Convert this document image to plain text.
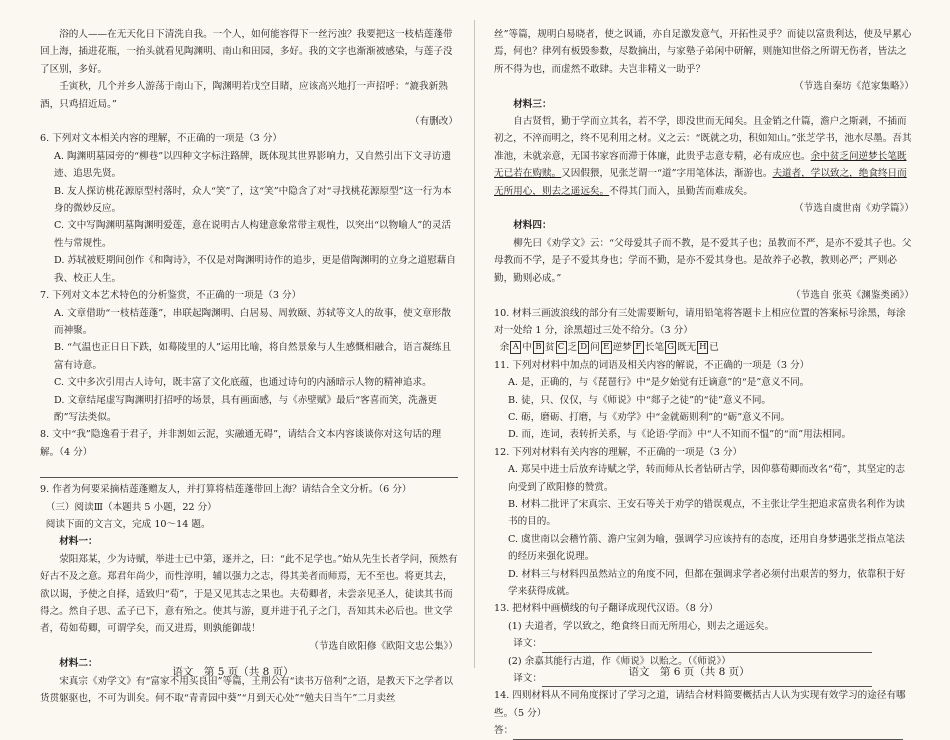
浴的人——在无天化日下清洗自我。一个人，如何能容得下一丝污浊？我要把这一枝桔莲蓬带回上海，插进花瓶，一抬头就看见陶渊明、南山和田园，多好。我的文字也渐渐被感染，与莲子没了区别，多好。

壬寅秋，几个并乡人游荡于南山下，陶渊明若戊空目睹，应该高兴地打一声招呼：“漉我新熟酒，只鸡招近局。”

（有删改）

6. 下列对文本相关内容的理解，不正确的一项是（3 分）

A. 陶渊明墓园旁的“柳巷”以四种文字标注路牌，既体现其世界影响力，又自然引出下文寻访遗迹、追思先贤。

B. 友人探访桃花源原型村落时，众人“笑”了，这“笑”中隐含了对“寻找桃花源原型”这一行为本身的微妙反应。

C. 文中写陶渊明墓陶渊明爱莲，意在说明古人构建意象常带主观性，以突出“以物喻人”的灵活性与常规性。

D. 苏轼被贬期间创作《和陶诗》，不仅是对陶渊明诗作的追步，更是借陶渊明的立身之道慰藉自我、校正人生。

7. 下列对文本艺术特色的分析鉴赏，不正确的一项是（3 分）

A. 文章借助“一枝桔莲蓬”，串联起陶渊明、白居易、周敦颐、苏轼等文人的故事，使文章形散而神聚。

B. “气温也正日日下跌，如蓦陵里的人”运用比喻，将自然景象与人生感慨相融合，语言凝练且富有诗意。

C. 文中多次引用古人诗句，既丰富了文化底蕴，也通过诗句的内涵暗示人物的精神追求。

D. 文章结尾虚写陶渊明打招呼的场景，具有画面感，与《赤壁赋》最后“客喜而笑，洗盏更酌”写法类似。

8. 文中“我”隐逸看于君子，并非割如云泥，实融通无碍”，请结合文本内容谈谈你对这句话的理解。（4 分）

9. 作者为何要采摘桔莲蓬赠友人，并打算将桔莲蓬带回上海？请结合全文分析。（6 分）

（三）阅读Ⅲ（本题共 5 小题，22 分）

阅读下面的文言文，完成 10～14 题。

材料一：

荥阳郑某，少为诗赋，举进士已中第，逐并之，曰：“此不足学也。”始从先生长者学问，预然有好古不及之意。郑君年尚少，而性淳明，辅以强力之志，得其美者而师焉，无不至也。将更其去，欲以谒，予使之自择，适致归“荀”，于是又见其志之果也。夫荀卿者，未尝亲见圣人，徒读其书而得之。然自子思、孟子已下，意有殆之。使其与游，夏并进于孔子之门，吾知其未必后也。世文学者，荀如荀卿，可谓学矣，而又进焉，则孰能御哉！

（节选自欧阳修《欧阳文忠公集》）

材料二：

宋真宗《劝学文》有“富家不用买良田”等篇，王荆公有“读书万倍利”之语，是教天下之学者以货贯躯驱也，不可为训矣。何不取“青青园中葵”“月到天心处”“勉夫日当午”二月卖丝

丝”等篇，规明白易晓者，使之讽诵，亦自足激发意气，开拓性灵乎？而徒以富贵利达，使及早累心焉，何也？律列有板毁参数，尽数摘出，与家塾子弟闲中研解，则施知世俗之所谓无伤者，皆法之所不得为也，而虚然不敢肆。夫岂非精义一助乎？

（节选自秦坊《范家集略》）

材料三：

自古贤哲，勤于学而立其名，若不学，即没世而无闻矣。且金销之什篇，澹户之斯剥，不插而初之，不淬而明之，终不见利用之材。义之云：“既就之功，积如知山。”张芝学书，池水尽墨。吾其准池，未就亲意，无国书家容而滞于体廉，此贵乎志意专精，必有成应也。余中贫乏问逆梦长笔既无已若在购赎。又因假猥，见张芝谓一“道”字用笔体法，渐游也。夫道者，学以致之，绝食终日而无所用心，则去之遥远矣。不得其门而入，虽勤苦而难成矣。

（节选自虞世南《劝学篇》）

材料四：

柳先曰《劝学文》云：“父母爱其子而不教，是不爱其子也；虽教而不严，是亦不爱其子也。父母教而不学，是子不爱其身也；学而不勤，是亦不爱其身也。是故养子必教，教则必严；严则必勤，勤则必成。”

（节选自 张英《渊鉴类函》）

10. 材料三画波浪线的部分有三处需要断句，请用铅笔将答题卡上相应位置的答案标号涂黑，每涂对一处给 1 分，涂黑超过三处不给分。（3 分）

余 A 中 B 贫 C 乏 D 问 E 逆梦 F 长笔 G 既无 H 已

11. 下列对材料中加点的词语及相关内容的解说，不正确的一项是（3 分）

A. 是，正确的，与《琵琶行》中“是夕始觉有迁谪意”的“是”意义不同。

B. 徒，只、仅仅，与《师说》中“郯子之徒”的“徒”意义不同。

C. 砺，磨砺、打磨，与《劝学》中“金就砺则利”的“砺”意义不同。

D. 而，连词，表转折关系，与《论语·学而》中“人不知而不愠”的“而”用法相同。

12. 下列对材料有关内容的理解，不正确的一项是（3 分）

A. 郑吴中进士后放弃诗赋之学，转而师从长者钻研古学，因仰慕荀卿而改名“荀”，其坚定的志向受到了欧阳修的赞赏。

B. 材料二批评了宋真宗、王安石等关于劝学的错误观点，不主张让学生把追求富贵名利作为读书的目的。

C. 虞世南以会稽竹箭、澹户宝剑为喻，强调学习应该持有的态度，还用自身梦遇张芝指点笔法的经历来强化说理。

D. 材料三与材料四虽然站立的角度不同，但都在强调求学者必须付出艰苦的努力，依靠积于好学来获得成就。

13. 把材料中画横线的句子翻译成现代汉语。（8 分）

(1) 夫道者，学以致之，绝食终日而无所用心，则去之遥远矣。

译文：

(2) 余嘉其能行古道，作《师说》以贻之。（《师说》）

译文：

14. 四则材料从不同角度探讨了学习之道，请结合材料简要概括古人认为实现有效学习的途径有哪些。（5 分）

答：

语文　第 5 页（共 8 页）	语文　第 6 页（共 8 页）
